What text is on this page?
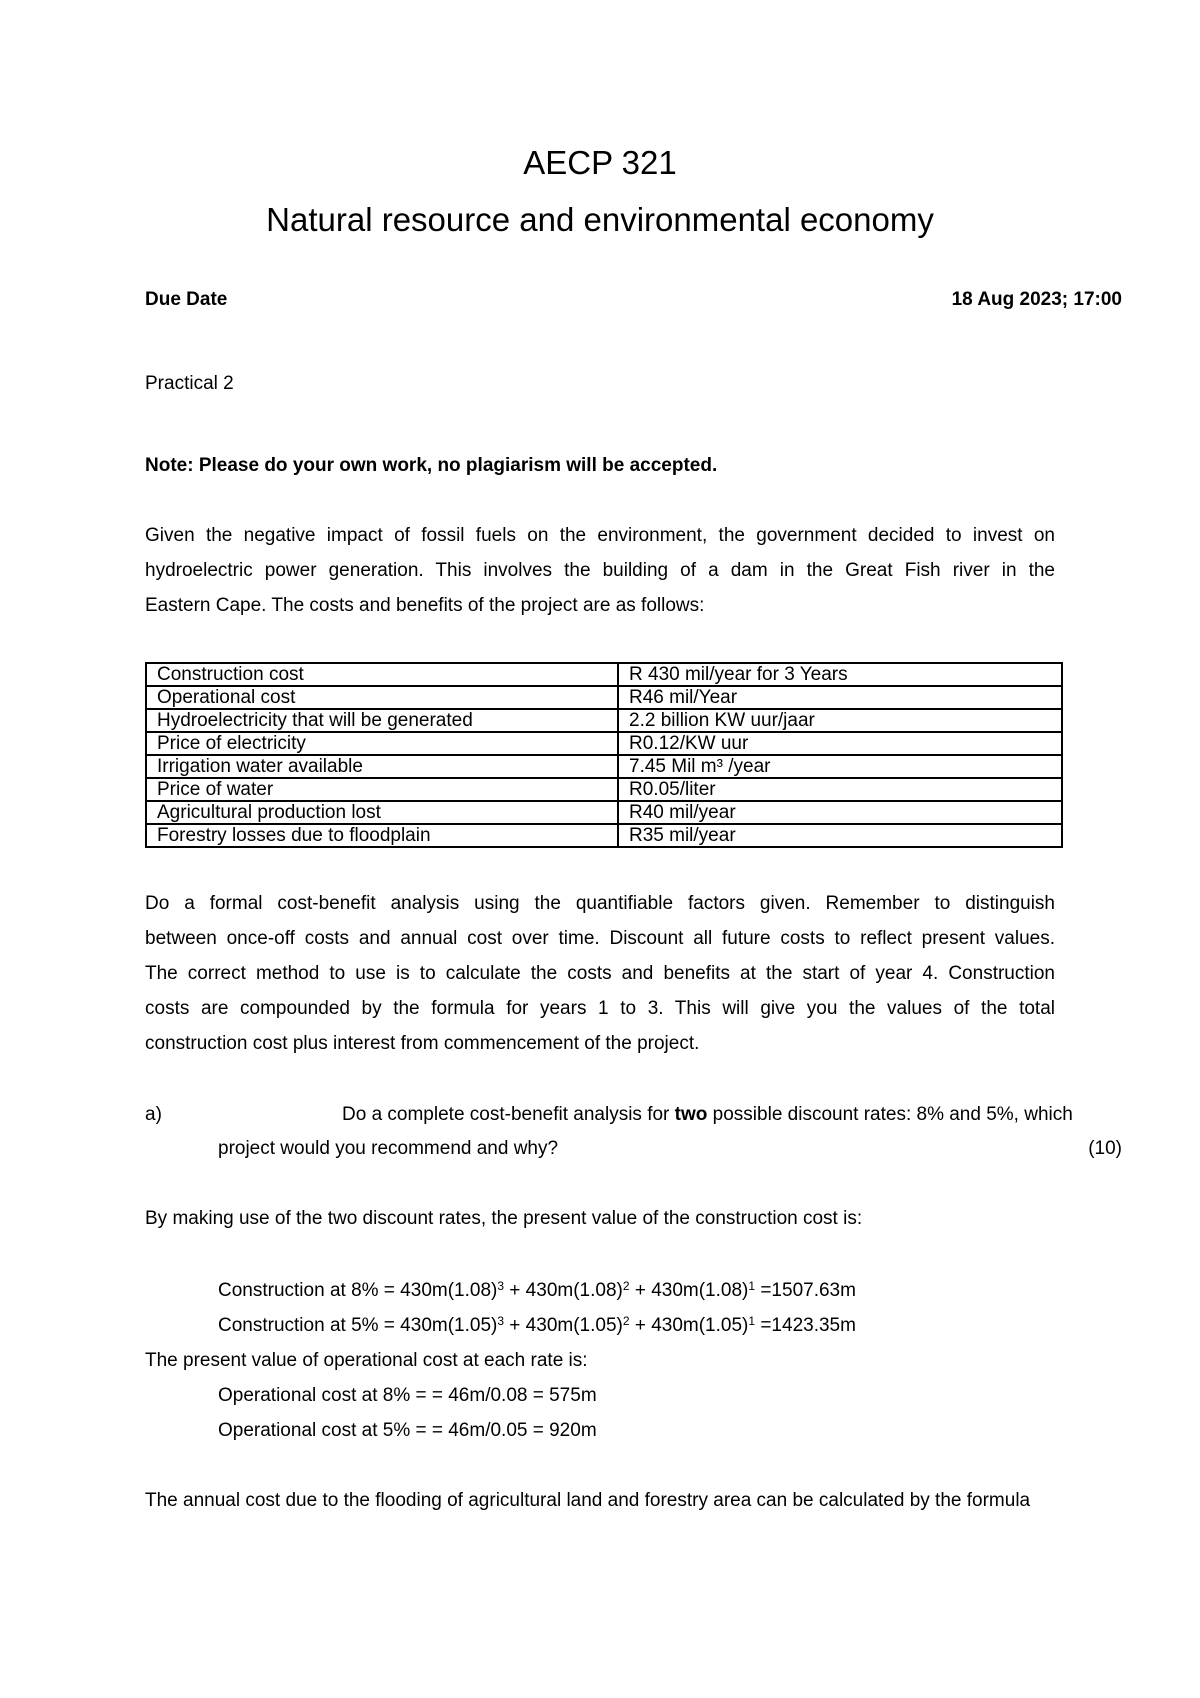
AECP 321
Natural resource and environmental economy
Due Date	18 Aug 2023; 17:00
Practical 2
Note: Please do your own work, no plagiarism will be accepted.
Given the negative impact of fossil fuels on the environment, the government decided to invest on
hydroelectric power generation. This involves the building of a dam in the Great Fish river in the
Eastern Cape. The costs and benefits of the project are as follows:
Construction cost	R 430 mil/year for 3 Years
Operational cost	R46 mil/Year
Hydroelectricity that will be generated	2.2 billion KW uur/jaar
Price of electricity	R0.12/KW uur
Irrigation water available	7.45 Mil m³ /year
Price of water	R0.05/liter
Agricultural production lost	R40 mil/year
Forestry losses due to floodplain	R35 mil/year
Do a formal cost-benefit analysis using the quantifiable factors given. Remember to distinguish
between once-off costs and annual cost over time. Discount all future costs to reflect present values.
The correct method to use is to calculate the costs and benefits at the start of year 4. Construction
costs are compounded by the formula for years 1 to 3. This will give you the values of the total
construction cost plus interest from commencement of the project.
a)	Do a complete cost-benefit analysis for two possible discount rates: 8% and 5%, which
project would you recommend and why?	(10)
By making use of the two discount rates, the present value of the construction cost is:
Construction at $8\% = 430m(1.08)^3 + 430m(1.08)^2 + 430m(1.08)^1 =1507.63m$
Construction at $5\% = 430m(1.05)^3 + 430m(1.05)^2 + 430m(1.05)^1 =1423.35m$
The present value of operational cost at each rate is:
Operational cost at 8% = = 46m/0.08 = 575m
Operational cost at 5% = = 46m/0.05 = 920m
The annual cost due to the flooding of agricultural land and forestry area can be calculated by the formula
